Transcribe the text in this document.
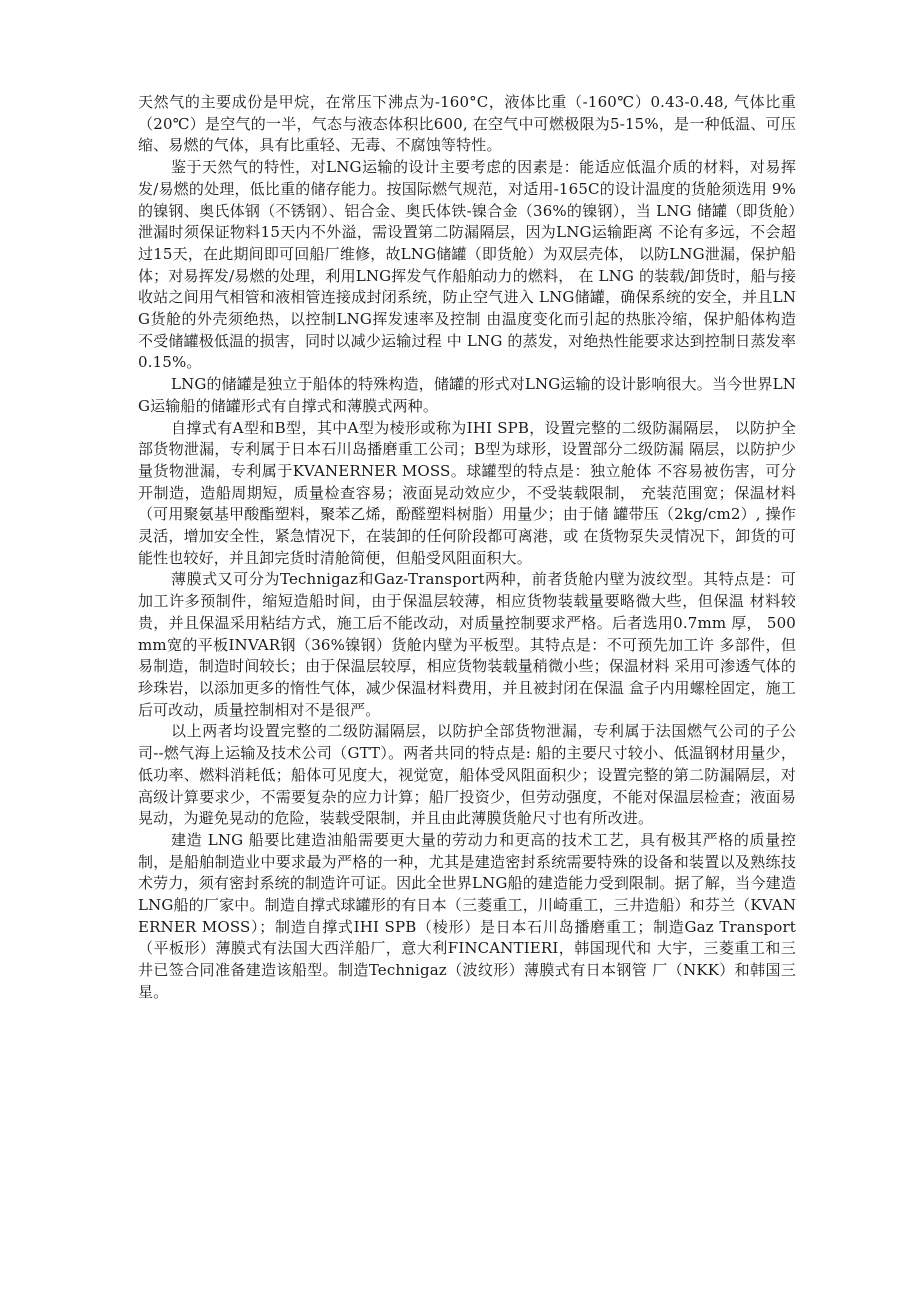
天然气的主要成份是甲烷，在常压下沸点为-160°C，液体比重（-160℃）0.43-0.48, 气体比重（20℃）是空气的一半，气态与液态体积比600, 在空气中可燃极限为5-15%，是一种低温、可压缩、易燃的气体，具有比重轻、无毒、不腐蚀等特性。

鉴于天然气的特性，对LNG运输的设计主要考虑的因素是：能适应低温介质的材料，对易挥发/易燃的处理，低比重的储存能力。按国际燃气规范，对适用-165C的设计温度的货舱须选用 9%的镍钢、奥氏体钢（不锈钢）、铝合金、奥氏体铁-镍合金（36%的镍钢），当 LNG 储罐（即货舱）泄漏时须保证物料15天内不外溢，需设置第二防漏隔层，因为LNG运输距离 不论有多远，不会超过15天，在此期间即可回船厂维修，故LNG储罐（即货舱）为双层壳体， 以防LNG泄漏，保护船体；对易挥发/易燃的处理，利用LNG挥发气作船舶动力的燃料， 在 LNG 的装载/卸货时，船与接收站之间用气相管和液相管连接成封闭系统，防止空气进入 LNG储罐，确保系统的安全，并且LNG货舱的外壳须绝热，以控制LNG挥发速率及控制 由温度变化而引起的热胀冷缩，保护船体构造不受储罐极低温的损害，同时以减少运输过程 中 LNG 的蒸发，对绝热性能要求达到控制日蒸发率0.15%。

LNG的储罐是独立于船体的特殊构造，储罐的形式对LNG运输的设计影响很大。当今世界LNG运输船的储罐形式有自撑式和薄膜式两种。

自撑式有A型和B型，其中A型为棱形或称为IHI SPB，设置完整的二级防漏隔层， 以防护全部货物泄漏，专利属于日本石川岛播磨重工公司；B型为球形，设置部分二级防漏 隔层，以防护少量货物泄漏，专利属于KVANERNER MOSS。球罐型的特点是：独立舱体 不容易被伤害，可分开制造，造船周期短，质量检查容易；液面晃动效应少，不受装载限制， 充装范围宽；保温材料（可用聚氨基甲酸酯塑料，聚苯乙烯，酚醛塑料树脂）用量少；由于储 罐带压（2kg/cm2）, 操作灵活，增加安全性，紧急情况下，在装卸的任何阶段都可离港，或 在货物泵失灵情况下，卸货的可能性也较好，并且卸完货时清舱简便，但船受风阻面积大。

薄膜式又可分为Technigaz和Gaz-Transport两种，前者货舱内壁为波纹型。其特点是：可加工许多预制件，缩短造船时间，由于保温层较薄，相应货物装载量要略微大些，但保温 材料较贵，并且保温采用粘结方式，施工后不能改动，对质量控制要求严格。后者选用0.7mm 厚， 500mm宽的平板INVAR钢（36%镍钢）货舱内壁为平板型。其特点是：不可预先加工许 多部件，但易制造，制造时间较长；由于保温层较厚，相应货物装载量稍微小些；保温材料 采用可渗透气体的珍珠岩，以添加更多的惰性气体，减少保温材料费用，并且被封闭在保温 盒子内用螺栓固定，施工后可改动，质量控制相对不是很严。

以上两者均设置完整的二级防漏隔层，以防护全部货物泄漏，专利属于法国燃气公司的子公司--燃气海上运输及技术公司（GTT）。两者共同的特点是: 船的主要尺寸较小、低温钢材用量少，低功率、燃料消耗低；船体可见度大，视觉宽，船体受风阻面积少；设置完整的第二防漏隔层，对高级计算要求少，不需要复杂的应力计算；船厂投资少，但劳动强度，不能对保温层检查；液面易晃动，为避免晃动的危险，装载受限制，并且由此薄膜货舱尺寸也有所改进。

建造 LNG 船要比建造油船需要更大量的劳动力和更高的技术工艺，具有极其严格的质量控制，是船舶制造业中要求最为严格的一种，尤其是建造密封系统需要特殊的设备和装置以及熟练技术劳力，须有密封系统的制造许可证。因此全世界LNG船的建造能力受到限制。据了解，当今建造LNG船的厂家中。制造自撑式球罐形的有日本（三菱重工，川崎重工，三井造船）和芬兰（KVANERNER MOSS）；制造自撑式IHI SPB（棱形）是日本石川岛播磨重工；制造Gaz Transport（平板形）薄膜式有法国大西洋船厂，意大利FINCANTIERI，韩国现代和 大宇，三菱重工和三井已签合同准备建造该船型。制造Technigaz（波纹形）薄膜式有日本钢管 厂（NKK）和韩国三星。
